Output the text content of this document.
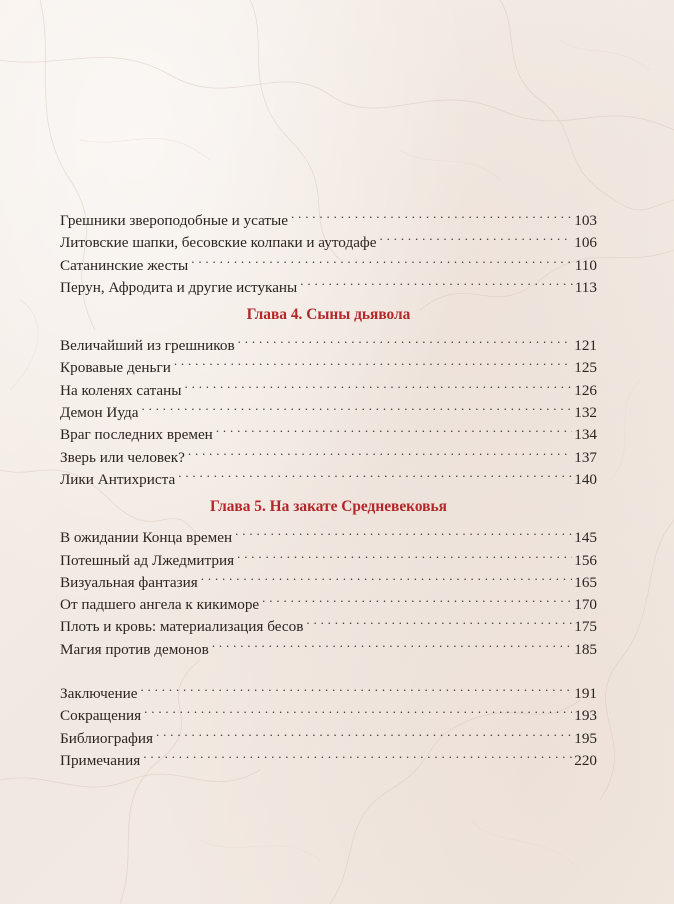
Грешники звероподобные и усатые . . .	103
Литовские шапки, бесовские колпаки и аутодафе . . .	106
Сатанинские жесты . . .	110
Перун, Афродита и другие истуканы . . .	113
Глава 4. Сыны дьявола
Величайший из грешников . . .	121
Кровавые деньги . . .	125
На коленях сатаны . . .	126
Демон Иуда . . .	132
Враг последних времен . . .	134
Зверь или человек? . . .	137
Лики Антихриста . . .	140
Глава 5. На закате Средневековья
В ожидании Конца времен . . .	145
Потешный ад Лжедмитрия . . .	156
Визуальная фантазия . . .	165
От падшего ангела к кикиморе . . .	170
Плоть и кровь: материализация бесов . . .	175
Магия против демонов . . .	185
Заключение . . .	191
Сокращения . . .	193
Библиография . . .	195
Примечания . . .	220
